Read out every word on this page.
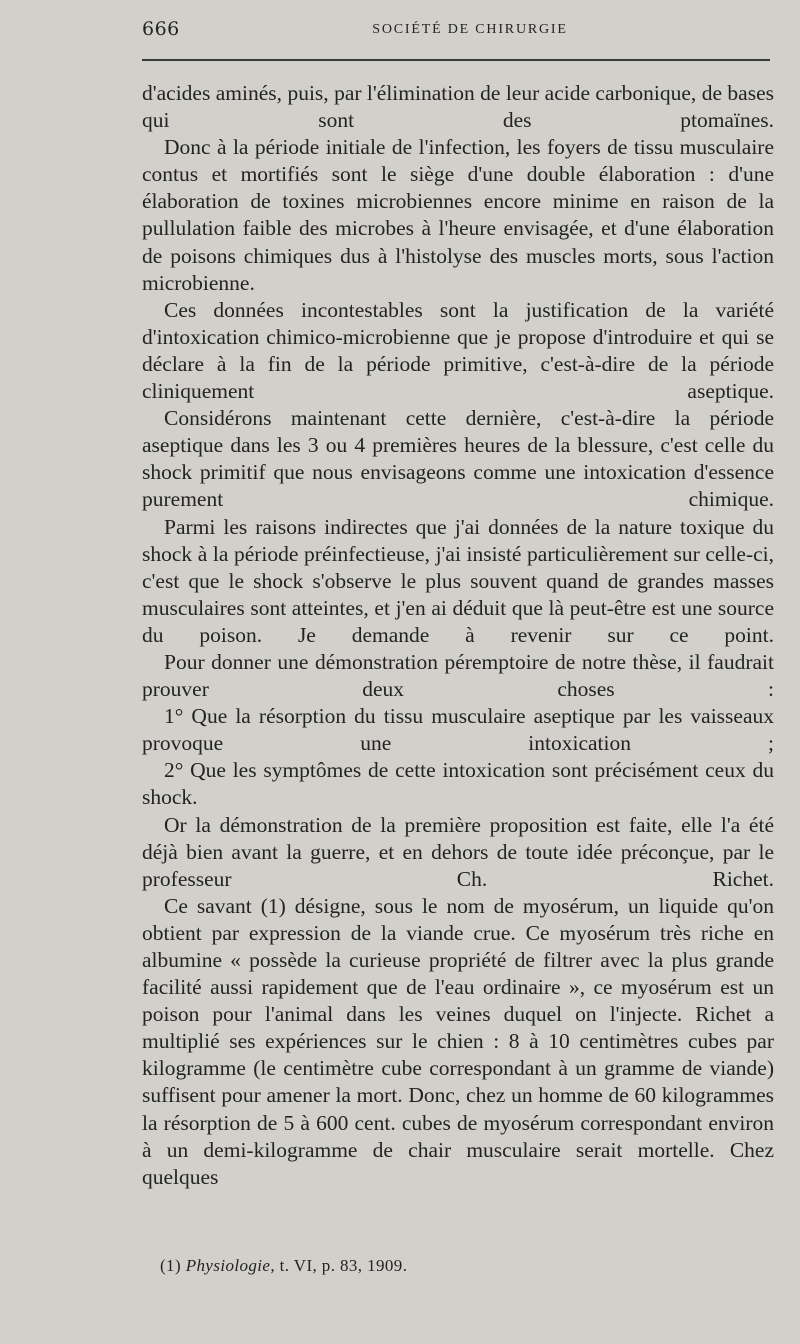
666	SOCIÉTÉ DE CHIRURGIE

d'acides aminés, puis, par l'élimination de leur acide carbonique, de bases qui sont des ptomaïnes.

Donc à la période initiale de l'infection, les foyers de tissu musculaire contus et mortifiés sont le siège d'une double élaboration : d'une élaboration de toxines microbiennes encore minime en raison de la pullulation faible des microbes à l'heure envisagée, et d'une élaboration de poisons chimiques dus à l'histolyse des muscles morts, sous l'action microbienne.

Ces données incontestables sont la justification de la variété d'intoxication chimico-microbienne que je propose d'introduire et qui se déclare à la fin de la période primitive, c'est-à-dire de la période cliniquement aseptique.

Considérons maintenant cette dernière, c'est-à-dire la période aseptique dans les 3 ou 4 premières heures de la blessure, c'est celle du shock primitif que nous envisageons comme une intoxication d'essence purement chimique.

Parmi les raisons indirectes que j'ai données de la nature toxique du shock à la période préinfectieuse, j'ai insisté particulièrement sur celle-ci, c'est que le shock s'observe le plus souvent quand de grandes masses musculaires sont atteintes, et j'en ai déduit que là peut-être est une source du poison. Je demande à revenir sur ce point.

Pour donner une démonstration péremptoire de notre thèse, il faudrait prouver deux choses :

1° Que la résorption du tissu musculaire aseptique par les vaisseaux provoque une intoxication ;

2° Que les symptômes de cette intoxication sont précisément ceux du shock.

Or la démonstration de la première proposition est faite, elle l'a été déjà bien avant la guerre, et en dehors de toute idée préconçue, par le professeur Ch. Richet.

Ce savant (1) désigne, sous le nom de myosérum, un liquide qu'on obtient par expression de la viande crue. Ce myosérum très riche en albumine « possède la curieuse propriété de filtrer avec la plus grande facilité aussi rapidement que de l'eau ordinaire », ce myosérum est un poison pour l'animal dans les veines duquel on l'injecte. Richet a multiplié ses expériences sur le chien : 8 à 10 centimètres cubes par kilogramme (le centimètre cube correspondant à un gramme de viande) suffisent pour amener la mort. Donc, chez un homme de 60 kilogrammes la résorption de 5 à 600 cent. cubes de myosérum correspondant environ à un demi-kilogramme de chair musculaire serait mortelle. Chez quelques

(1) Physiologie, t. VI, p. 83, 1909.
